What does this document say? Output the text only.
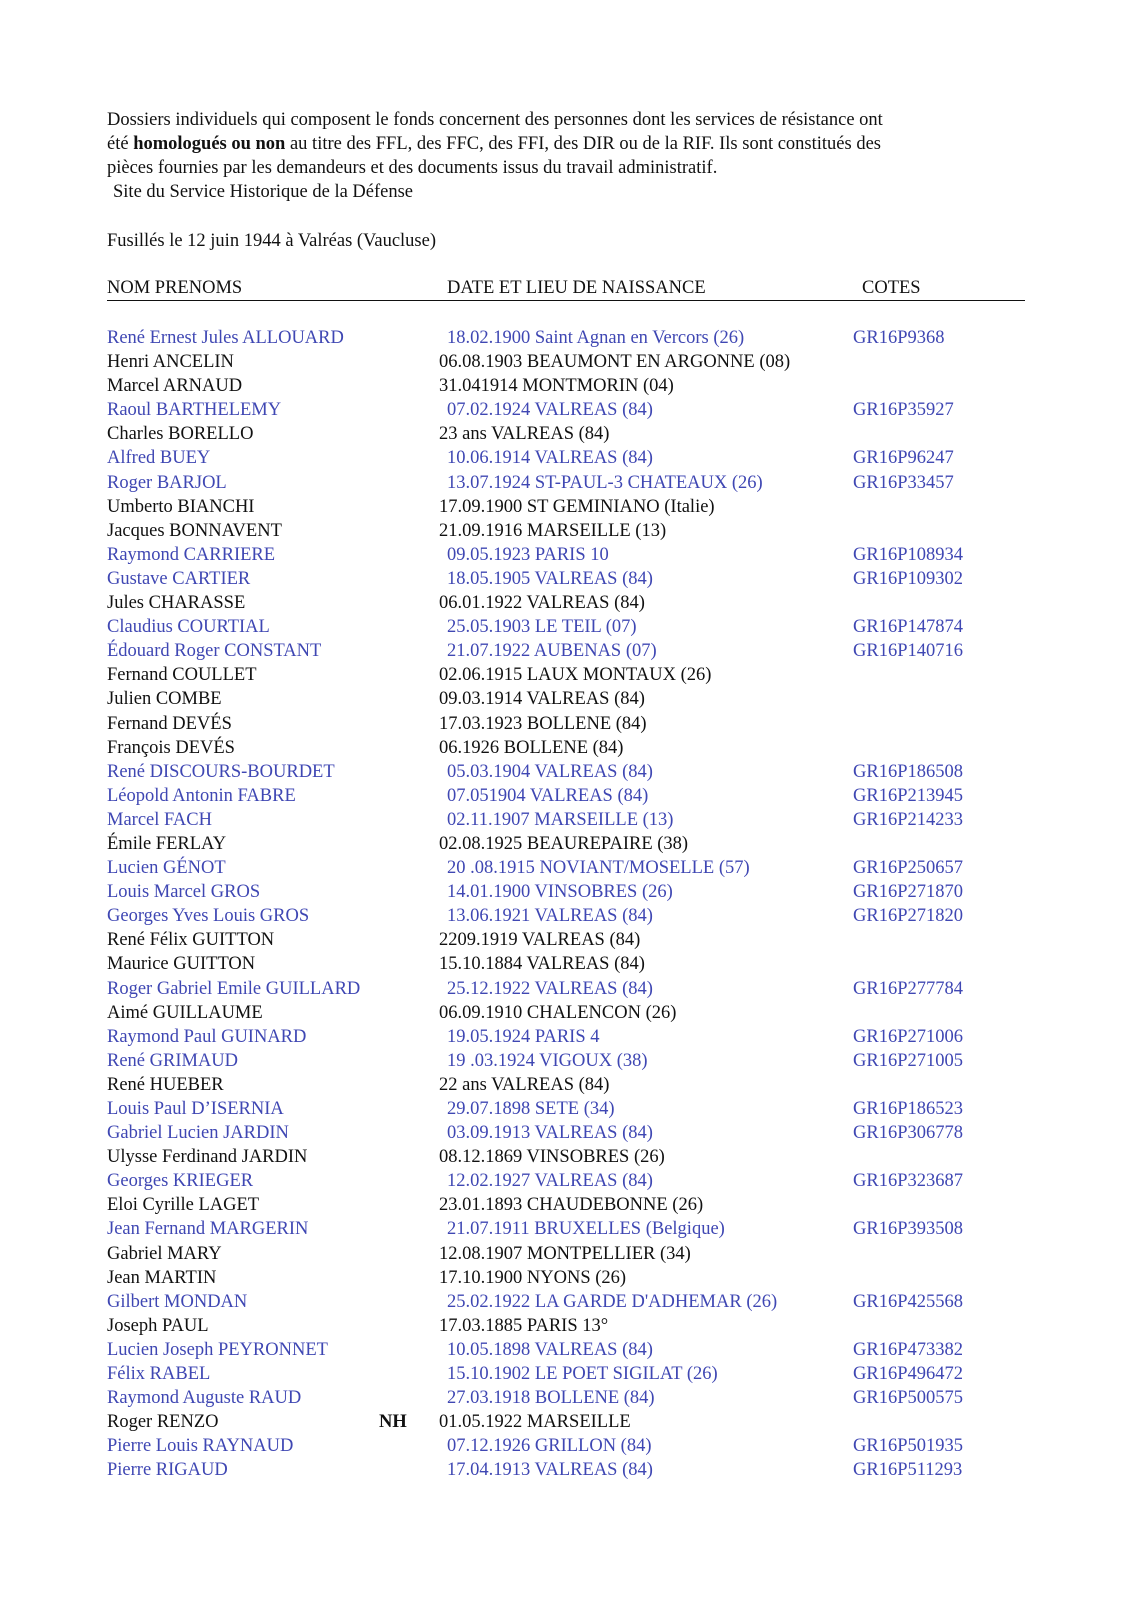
Dossiers individuels qui composent le fonds concernent des personnes dont les services de résistance ont

été homologués ou non au titre des FFL, des FFC, des FFI, des DIR ou de la RIF. Ils sont constitués des

pièces fournies par les demandeurs et des documents issus du travail administratif.

Site du Service Historique de la Défense

Fusillés le 12 juin 1944 à Valréas (Vaucluse)
NOM PRENOMS	DATE ET LIEU DE NAISSANCE	COTES
René Ernest Jules ALLOUARD	18.02.1900 Saint Agnan en Vercors (26)	GR16P9368
Henri ANCELIN	06.08.1903 BEAUMONT EN ARGONNE (08)
Marcel ARNAUD	31.041914 MONTMORIN (04)
Raoul BARTHELEMY	07.02.1924 VALREAS (84)	GR16P35927
Charles BORELLO	23 ans VALREAS (84)
Alfred BUEY	10.06.1914 VALREAS (84)	GR16P96247
Roger BARJOL	13.07.1924 ST-PAUL-3 CHATEAUX (26)	GR16P33457
Umberto BIANCHI	17.09.1900 ST GEMINIANO (Italie)
Jacques BONNAVENT	21.09.1916 MARSEILLE (13)
Raymond CARRIERE	09.05.1923 PARIS 10	GR16P108934
Gustave CARTIER	18.05.1905 VALREAS (84)	GR16P109302
Jules CHARASSE	06.01.1922 VALREAS (84)
Claudius COURTIAL	25.05.1903 LE TEIL (07)	GR16P147874
Édouard Roger CONSTANT	21.07.1922 AUBENAS (07)	GR16P140716
Fernand COULLET	02.06.1915 LAUX MONTAUX (26)
Julien COMBE	09.03.1914 VALREAS (84)
Fernand DEVÉS	17.03.1923 BOLLENE (84)
François DEVÉS	06.1926 BOLLENE (84)
René DISCOURS-BOURDET	05.03.1904 VALREAS (84)	GR16P186508
Léopold Antonin FABRE	07.051904 VALREAS (84)	GR16P213945
Marcel FACH	02.11.1907 MARSEILLE (13)	GR16P214233
Émile FERLAY	02.08.1925 BEAUREPAIRE (38)
Lucien GÉNOT	20 .08.1915 NOVIANT/MOSELLE (57)	GR16P250657
Louis Marcel GROS	14.01.1900 VINSOBRES (26)	GR16P271870
Georges Yves Louis GROS	13.06.1921 VALREAS (84)	GR16P271820
René Félix GUITTON	2209.1919 VALREAS (84)
Maurice GUITTON	15.10.1884 VALREAS (84)
Roger Gabriel Emile GUILLARD	25.12.1922 VALREAS (84)	GR16P277784
Aimé GUILLAUME	06.09.1910 CHALENCON (26)
Raymond Paul GUINARD	19.05.1924 PARIS 4	GR16P271006
René GRIMAUD	19 .03.1924 VIGOUX (38)	GR16P271005
René HUEBER	22 ans VALREAS (84)
Louis Paul D’ISERNIA	29.07.1898 SETE (34)	GR16P186523
Gabriel Lucien JARDIN	03.09.1913 VALREAS (84)	GR16P306778
Ulysse Ferdinand JARDIN	08.12.1869 VINSOBRES (26)
Georges KRIEGER	12.02.1927 VALREAS (84)	GR16P323687
Eloi Cyrille LAGET	23.01.1893 CHAUDEBONNE (26)
Jean Fernand MARGERIN	21.07.1911 BRUXELLES (Belgique)	GR16P393508
Gabriel MARY	12.08.1907 MONTPELLIER (34)
Jean MARTIN	17.10.1900 NYONS (26)
Gilbert MONDAN	25.02.1922 LA GARDE D'ADHEMAR (26)	GR16P425568
Joseph PAUL	17.03.1885 PARIS 13°
Lucien Joseph PEYRONNET	10.05.1898 VALREAS (84)	GR16P473382
Félix RABEL	15.10.1902 LE POET SIGILAT (26)	GR16P496472
Raymond Auguste RAUD	27.03.1918 BOLLENE (84)	GR16P500575
Roger RENZO	NH 01.05.1922 MARSEILLE
Pierre Louis RAYNAUD	07.12.1926 GRILLON (84)	GR16P501935
Pierre RIGAUD	17.04.1913 VALREAS (84)	GR16P511293
